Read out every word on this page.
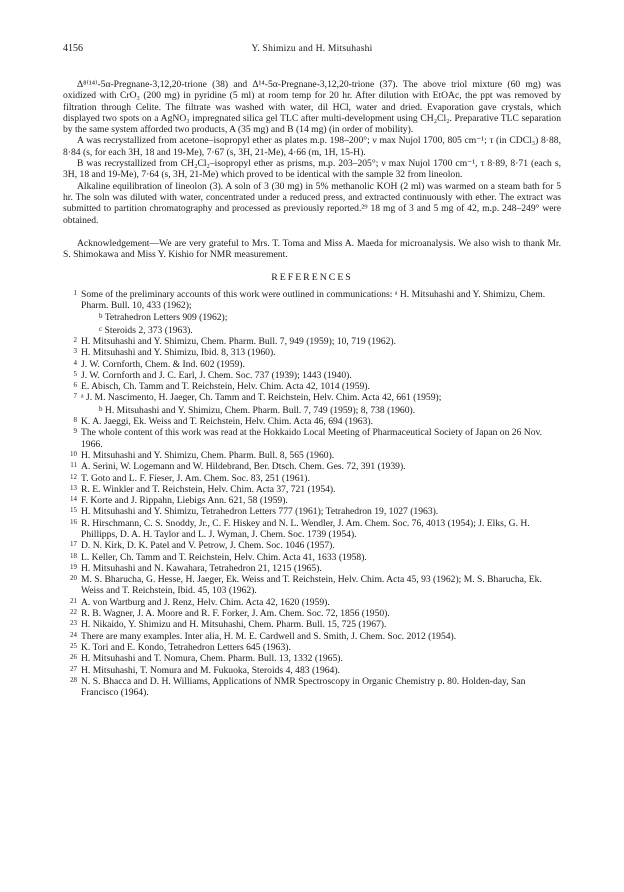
4156	Y. Shimizu and H. Mitsuhashi

Δ⁸⁽¹⁴⁾-5α-Pregnane-3,12,20-trione (38) and Δ¹⁴-5α-Pregnane-3,12,20-trione (37). The above triol mixture (60 mg) was oxidized with CrO₃ (200 mg) in pyridine (5 ml) at room temp for 20 hr. After dilution with EtOAc, the ppt was removed by filtration through Celite. The filtrate was washed with water, dil HCl, water and dried. Evaporation gave crystals, which displayed two spots on a AgNO₃ impregnated silica gel TLC after multi-development using CH₂Cl₂. Preparative TLC separation by the same system afforded two products, A (35 mg) and B (14 mg) (in order of mobility).

A was recrystallized from acetone–isopropyl ether as plates m.p. 198–200°; ν max Nujol 1700, 805 cm⁻¹; τ (in CDCl₃) 8·88, 8·84 (s, for each 3H, 18 and 19-Me), 7·67 (s, 3H, 21-Me), 4·66 (m, 1H, 15-H).

B was recrystallized from CH₂Cl₂–isopropyl ether as prisms, m.p. 203–205°; ν max Nujol 1700 cm⁻¹, τ 8·89, 8·71 (each s, 3H, 18 and 19-Me), 7·64 (s, 3H, 21-Me) which proved to be identical with the sample 32 from lineolon.

Alkaline equilibration of lineolon (3). A soln of 3 (30 mg) in 5% methanolic KOH (2 ml) was warmed on a steam bath for 5 hr. The soln was diluted with water, concentrated under a reduced press, and extracted continuously with ether. The extract was submitted to partition chromatography and processed as previously reported.²⁹ 18 mg of 3 and 5 mg of 42, m.p. 248–249° were obtained.

Acknowledgement—We are very grateful to Mrs. T. Toma and Miss A. Maeda for microanalysis. We also wish to thank Mr. S. Shimokawa and Miss Y. Kishio for NMR measurement.

REFERENCES
1 Some of the preliminary accounts of this work were outlined in communications: ᵃ H. Mitsuhashi and Y. Shimizu, Chem. Pharm. Bull. 10, 433 (1962);
$^b$ Tetrahedron Letters 909 (1962);
$^c$ Steroids 2, 373 (1963).
2 H. Mitsuhashi and Y. Shimizu, Chem. Pharm. Bull. 7, 949 (1959); 10, 719 (1962).
3 H. Mitsuhashi and Y. Shimizu, Ibid. 8, 313 (1960).
4 J. W. Cornforth, Chem. & Ind. 602 (1959).
5 J. W. Cornforth and J. C. Earl, J. Chem. Soc. 737 (1939); 1443 (1940).
6 E. Abisch, Ch. Tamm and T. Reichstein, Helv. Chim. Acta 42, 1014 (1959).
7 ᵃ J. M. Nascimento, H. Jaeger, Ch. Tamm and T. Reichstein, Helv. Chim. Acta 42, 661 (1959);
$^b$ H. Mitsuhashi and Y. Shimizu, Chem. Pharm. Bull. 7, 749 (1959); 8, 738 (1960).
8 K. A. Jaeggi, Ek. Weiss and T. Reichstein, Helv. Chim. Acta 46, 694 (1963).
9 The whole content of this work was read at the Hokkaido Local Meeting of Pharmaceutical Society of Japan on 26 Nov. 1966.
10 H. Mitsuhashi and Y. Shimizu, Chem. Pharm. Bull. 8, 565 (1960).
11 A. Serini, W. Logemann and W. Hildebrand, Ber. Dtsch. Chem. Ges. 72, 391 (1939).
12 T. Goto and L. F. Fieser, J. Am. Chem. Soc. 83, 251 (1961).
13 R. E. Winkler and T. Reichstein, Helv. Chim. Acta 37, 721 (1954).
14 F. Korte and J. Rippahn, Liebigs Ann. 621, 58 (1959).
15 H. Mitsuhashi and Y. Shimizu, Tetrahedron Letters 777 (1961); Tetrahedron 19, 1027 (1963).
16 R. Hirschmann, C. S. Snoddy, Jr., C. F. Hiskey and N. L. Wendler, J. Am. Chem. Soc. 76, 4013 (1954); J. Elks, G. H. Phillipps, D. A. H. Taylor and L. J. Wyman, J. Chem. Soc. 1739 (1954).
17 D. N. Kirk, D. K. Patel and V. Petrow, J. Chem. Soc. 1046 (1957).
18 L. Keller, Ch. Tamm and T. Reichstein, Helv. Chim. Acta 41, 1633 (1958).
19 H. Mitsuhashi and N. Kawahara, Tetrahedron 21, 1215 (1965).
20 M. S. Bharucha, G. Hesse, H. Jaeger, Ek. Weiss and T. Reichstein, Helv. Chim. Acta 45, 93 (1962); M. S. Bharucha, Ek. Weiss and T. Reichstein, Ibid. 45, 103 (1962).
21 A. von Wartburg and J. Renz, Helv. Chim. Acta 42, 1620 (1959).
22 R. B. Wagner, J. A. Moore and R. F. Forker, J. Am. Chem. Soc. 72, 1856 (1950).
23 H. Nikaido, Y. Shimizu and H. Mitsuhashi, Chem. Pharm. Bull. 15, 725 (1967).
24 There are many examples. Inter alia, H. M. E. Cardwell and S. Smith, J. Chem. Soc. 2012 (1954).
25 K. Tori and E. Kondo, Tetrahedron Letters 645 (1963).
26 H. Mitsuhashi and T. Nomura, Chem. Pharm. Bull. 13, 1332 (1965).
27 H. Mitsuhashi, T. Nomura and M. Fukuoka, Steroids 4, 483 (1964).
28 N. S. Bhacca and D. H. Williams, Applications of NMR Spectroscopy in Organic Chemistry p. 80. Holden-day, San Francisco (1964).
